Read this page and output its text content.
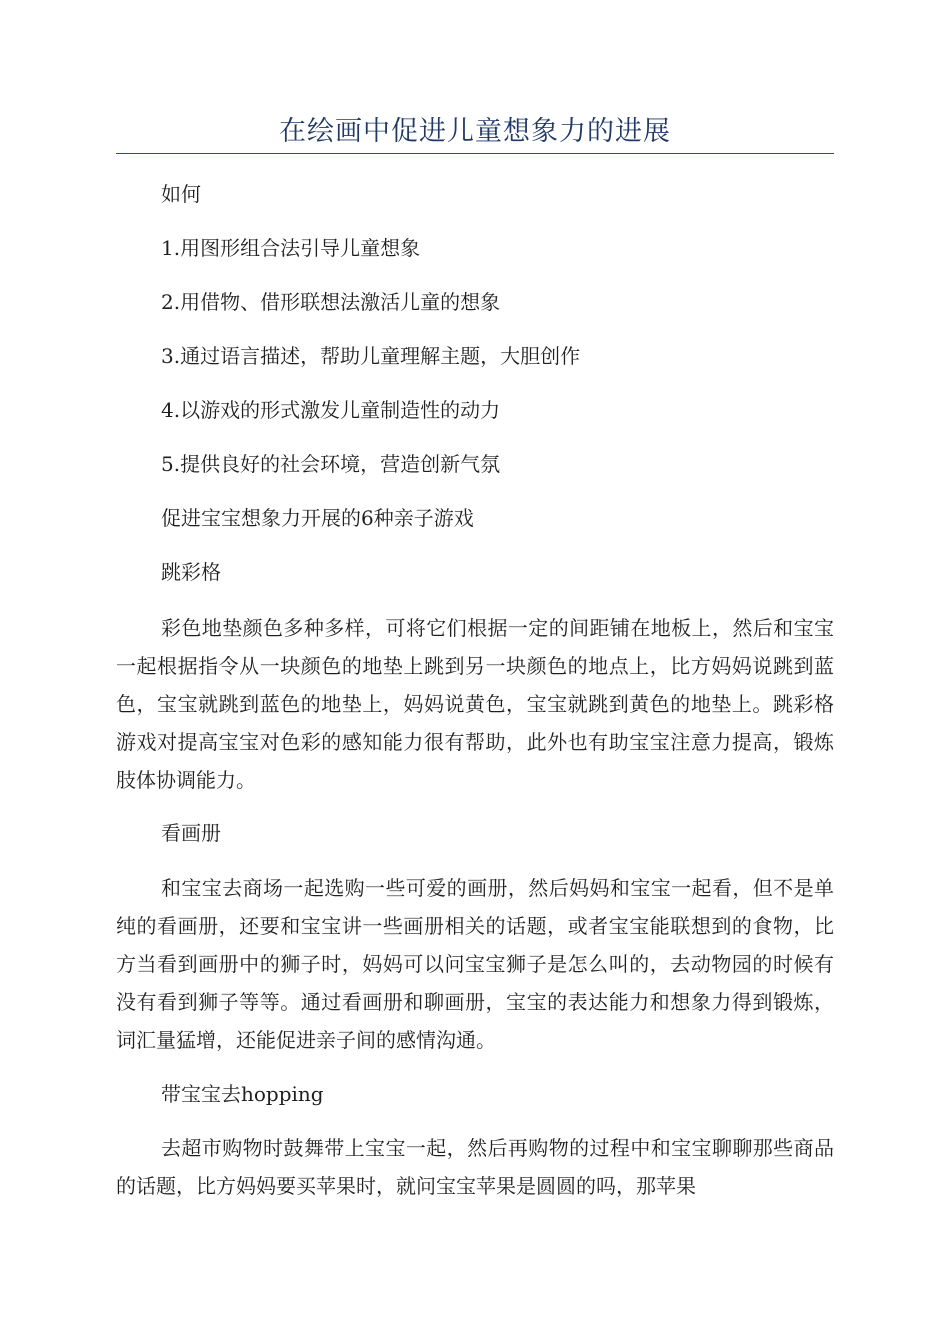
在绘画中促进儿童想象力的进展
如何
1.用图形组合法引导儿童想象
2.用借物、借形联想法激活儿童的想象
3.通过语言描述，帮助儿童理解主题，大胆创作
4.以游戏的形式激发儿童制造性的动力
5.提供良好的社会环境，营造创新气氛
促进宝宝想象力开展的6种亲子游戏
跳彩格

彩色地垫颜色多种多样，可将它们根据一定的间距铺在地板上，然后和宝宝一起根据指令从一块颜色的地垫上跳到另一块颜色的地点上，比方妈妈说跳到蓝色，宝宝就跳到蓝色的地垫上，妈妈说黄色，宝宝就跳到黄色的地垫上。跳彩格游戏对提高宝宝对色彩的感知能力很有帮助，此外也有助宝宝注意力提高，锻炼肢体协调能力。

看画册

和宝宝去商场一起选购一些可爱的画册，然后妈妈和宝宝一起看，但不是单纯的看画册，还要和宝宝讲一些画册相关的话题，或者宝宝能联想到的食物，比方当看到画册中的狮子时，妈妈可以问宝宝狮子是怎么叫的，去动物园的时候有没有看到狮子等等。通过看画册和聊画册，宝宝的表达能力和想象力得到锻炼，词汇量猛增，还能促进亲子间的感情沟通。

带宝宝去hopping

去超市购物时鼓舞带上宝宝一起，然后再购物的过程中和宝宝聊聊那些商品的话题，比方妈妈要买苹果时，就问宝宝苹果是圆圆的吗，那苹果
